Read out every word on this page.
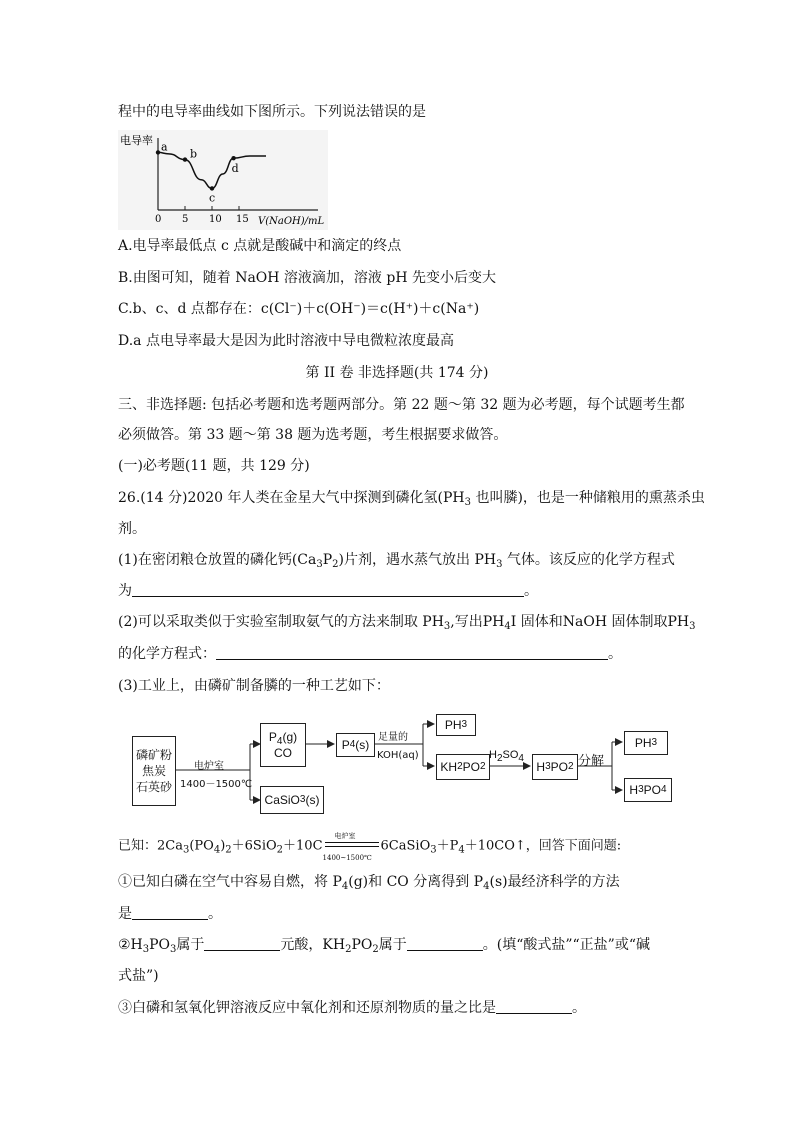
程中的电导率曲线如下图所示。下列说法错误的是
电导率
0 5 10 15
a
b
c
d
V(NaOH)/mL
A.电导率最低点 c 点就是酸碱中和滴定的终点
B.由图可知，随着 NaOH 溶液滴加，溶液 pH 先变小后变大
C.b、c、d 点都存在：c(Cl⁻)＋c(OH⁻)＝c(H⁺)＋c(Na⁺)
D.a 点电导率最大是因为此时溶液中导电微粒浓度最高
第 II 卷 非选择题(共 174 分)
三、非选择题: 包括必考题和选考题两部分。第 22 题～第 32 题为必考题，每个试题考生都
必须做答。第 33 题～第 38 题为选考题，考生根据要求做答。
(一)必考题(11 题，共 129 分)
26.(14 分)2020 年人类在金星大气中探测到磷化氢($PH_3$ 也叫膦)，也是一种储粮用的熏蒸杀虫
剂。
(1)在密闭粮仓放置的磷化钙$(Ca_3P_2)$片剂，遇水蒸气放出 $PH_3$ 气体。该反应的化学方程式
为	。
(2)可以采取类似于实验室制取氨气的方法来制取 $PH_3$,写出$PH_4I$ 固体和NaOH 固体制取$PH_3$
的化学方程式：	。
(3)工业上，由磷矿制备膦的一种工艺如下：
磷矿粉
焦炭
石英砂
电炉室
1400－1500℃
$P_4(g)$
CO
CaSiO 3 (s)
P 4 (s)
足量的
KOH(aq)
PH 3
KH 2 PO 2
$H_2SO_4$
H 3 PO 2 分解
PH 3
H 3 PO 4
已知：$2Ca_3(PO_4)_2+6SiO_2+10C$
电炉室
1400~1500℃
$6CaSiO_3+P_4+10CO↑$，回答下面问题:
①已知白磷在空气中容易自燃，将 $P_4(g)$和 CO 分离得到 $P_4(s)$最经济科学的方法
是	。
$②H_3PO_3$属于	元酸，$KH_2PO_2$属于	。(填“酸式盐”“正盐”或“碱
式盐”)
③白磷和氢氧化钾溶液反应中氧化剂和还原剂物质的量之比是	。
